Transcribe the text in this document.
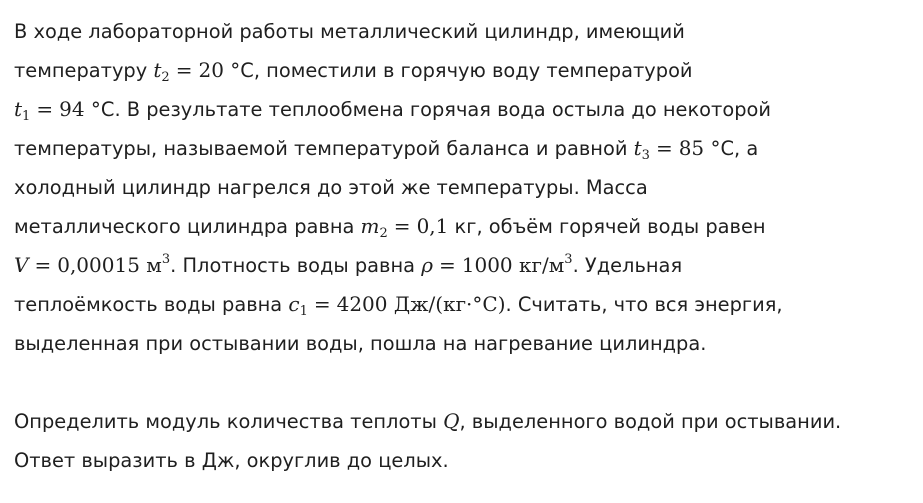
В ходе лабораторной работы металлический цилиндр, имеющий
температуру $t_2 = 20$ °C, поместили в горячую воду температурой
$t_1 = 94$ °C. В результате теплообмена горячая вода остыла до некоторой
температуры, называемой температурой баланса и равной $t_3 = 85$ °C, а
холодный цилиндр нагрелся до этой же температуры. Масса
металлического цилиндра равна $m_2 = 0,1$ кг, объём горячей воды равен
V = 0,00015 $м^3$. Плотность воды равна ρ = 1000 $кг/м^3$. Удельная
теплоёмкость воды равна $c_1 = 4200$ Дж/(кг·°С). Считать, что вся энергия,
выделенная при остывании воды, пошла на нагревание цилиндра.

Определить модуль количества теплоты Q, выделенного водой при остывании.
Ответ выразить в Дж, округлив до целых.
